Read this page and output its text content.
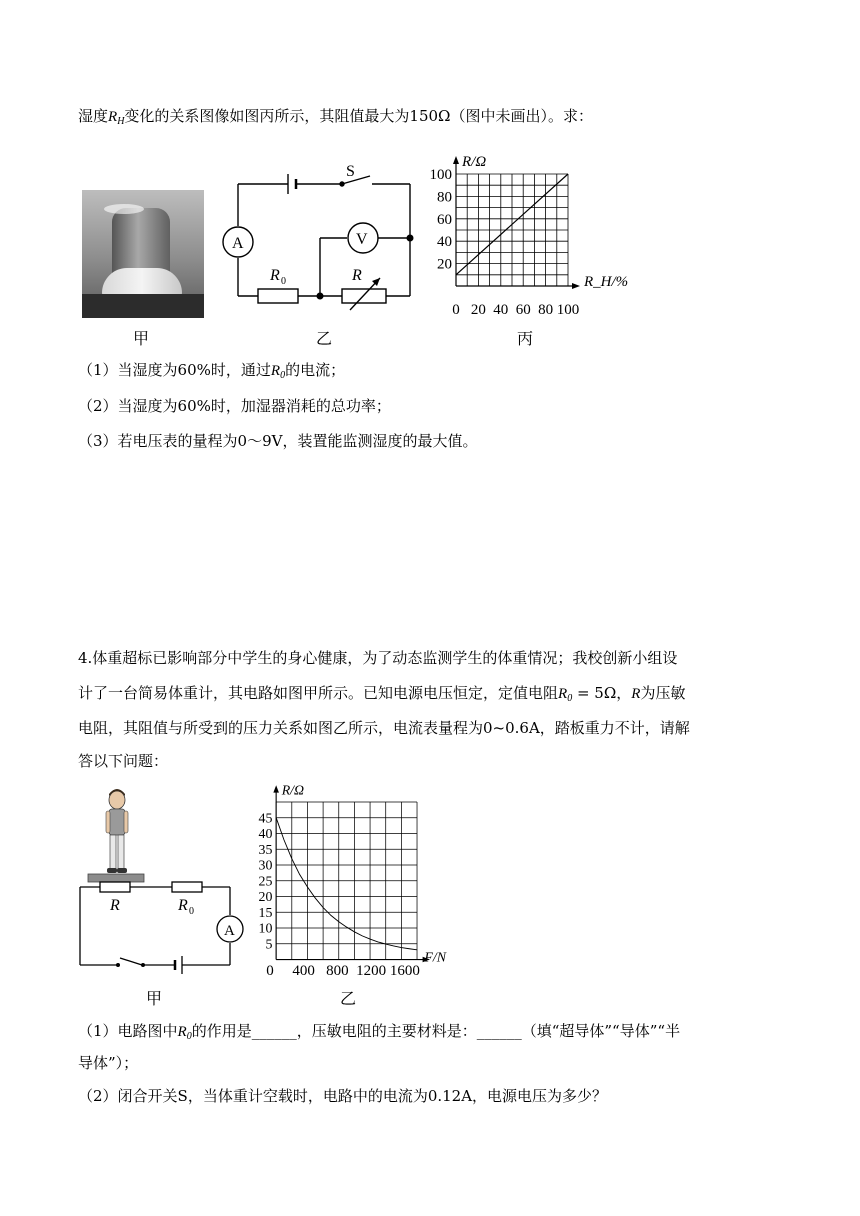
湿度$R_H$变化的关系图像如图丙所示，其阻值最大为150Ω（图中未画出）。求：
甲
S
A	V
R 0	R
乙
0 20 40 60 80 100
20
40
60
80
100
R/Ω
R_H/%
丙
（1）当湿度为60%时，通过$R_0$的电流；
（2）当湿度为60%时，加湿器消耗的总功率；
（3）若电压表的量程为0～9V，装置能监测湿度的最大值。
4.体重超标已影响部分中学生的身心健康，为了动态监测学生的体重情况；我校创新小组设
计了一台简易体重计，其电路如图甲所示。已知电源电压恒定，定值电阻$R_0 = 5\Omega$，R为压敏
电阻，其阻值与所受到的压力关系如图乙所示，电流表量程为0~0.6A，踏板重力不计，请解
答以下问题：
R	R 0
A
甲
5
10
15
20
25
30
35
40
45
R/Ω
F/N
乙
（1）电路图中$R_0$的作用是______，压敏电阻的主要材料是：______（填“超导体”“导体”“半
导体”）；
（2）闭合开关S，当体重计空载时，电路中的电流为0.12A，电源电压为多少？
0 400 800 1200 1600
